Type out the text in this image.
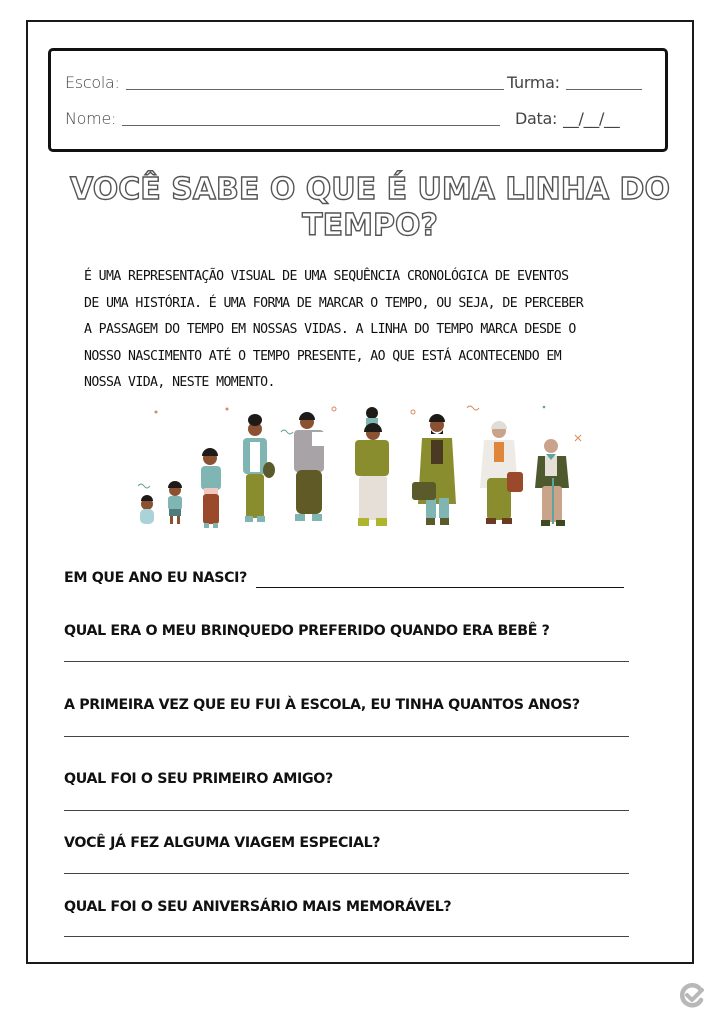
Escola:	Turma:
Nome:	Data: __/__/__
VOCÊ SABE O QUE É UMA LINHA DO
TEMPO?
É UMA REPRESENTAÇÃO VISUAL DE UMA SEQUÊNCIA CRONOLÓGICA DE EVENTOS
DE UMA HISTÓRIA. É UMA FORMA DE MARCAR O TEMPO, OU SEJA, DE PERCEBER
A PASSAGEM DO TEMPO EM NOSSAS VIDAS. A LINHA DO TEMPO MARCA DESDE O
NOSSO NASCIMENTO ATÉ O TEMPO PRESENTE, AO QUE ESTÁ ACONTECENDO EM
NOSSA VIDA, NESTE MOMENTO.
EM QUE ANO EU NASCI?
QUAL ERA O MEU BRINQUEDO PREFERIDO QUANDO ERA BEBÊ ?
A PRIMEIRA VEZ QUE EU FUI À ESCOLA, EU TINHA QUANTOS ANOS?
QUAL FOI O SEU PRIMEIRO AMIGO?
VOCÊ JÁ FEZ ALGUMA VIAGEM ESPECIAL?
QUAL FOI O SEU ANIVERSÁRIO MAIS MEMORÁVEL?
